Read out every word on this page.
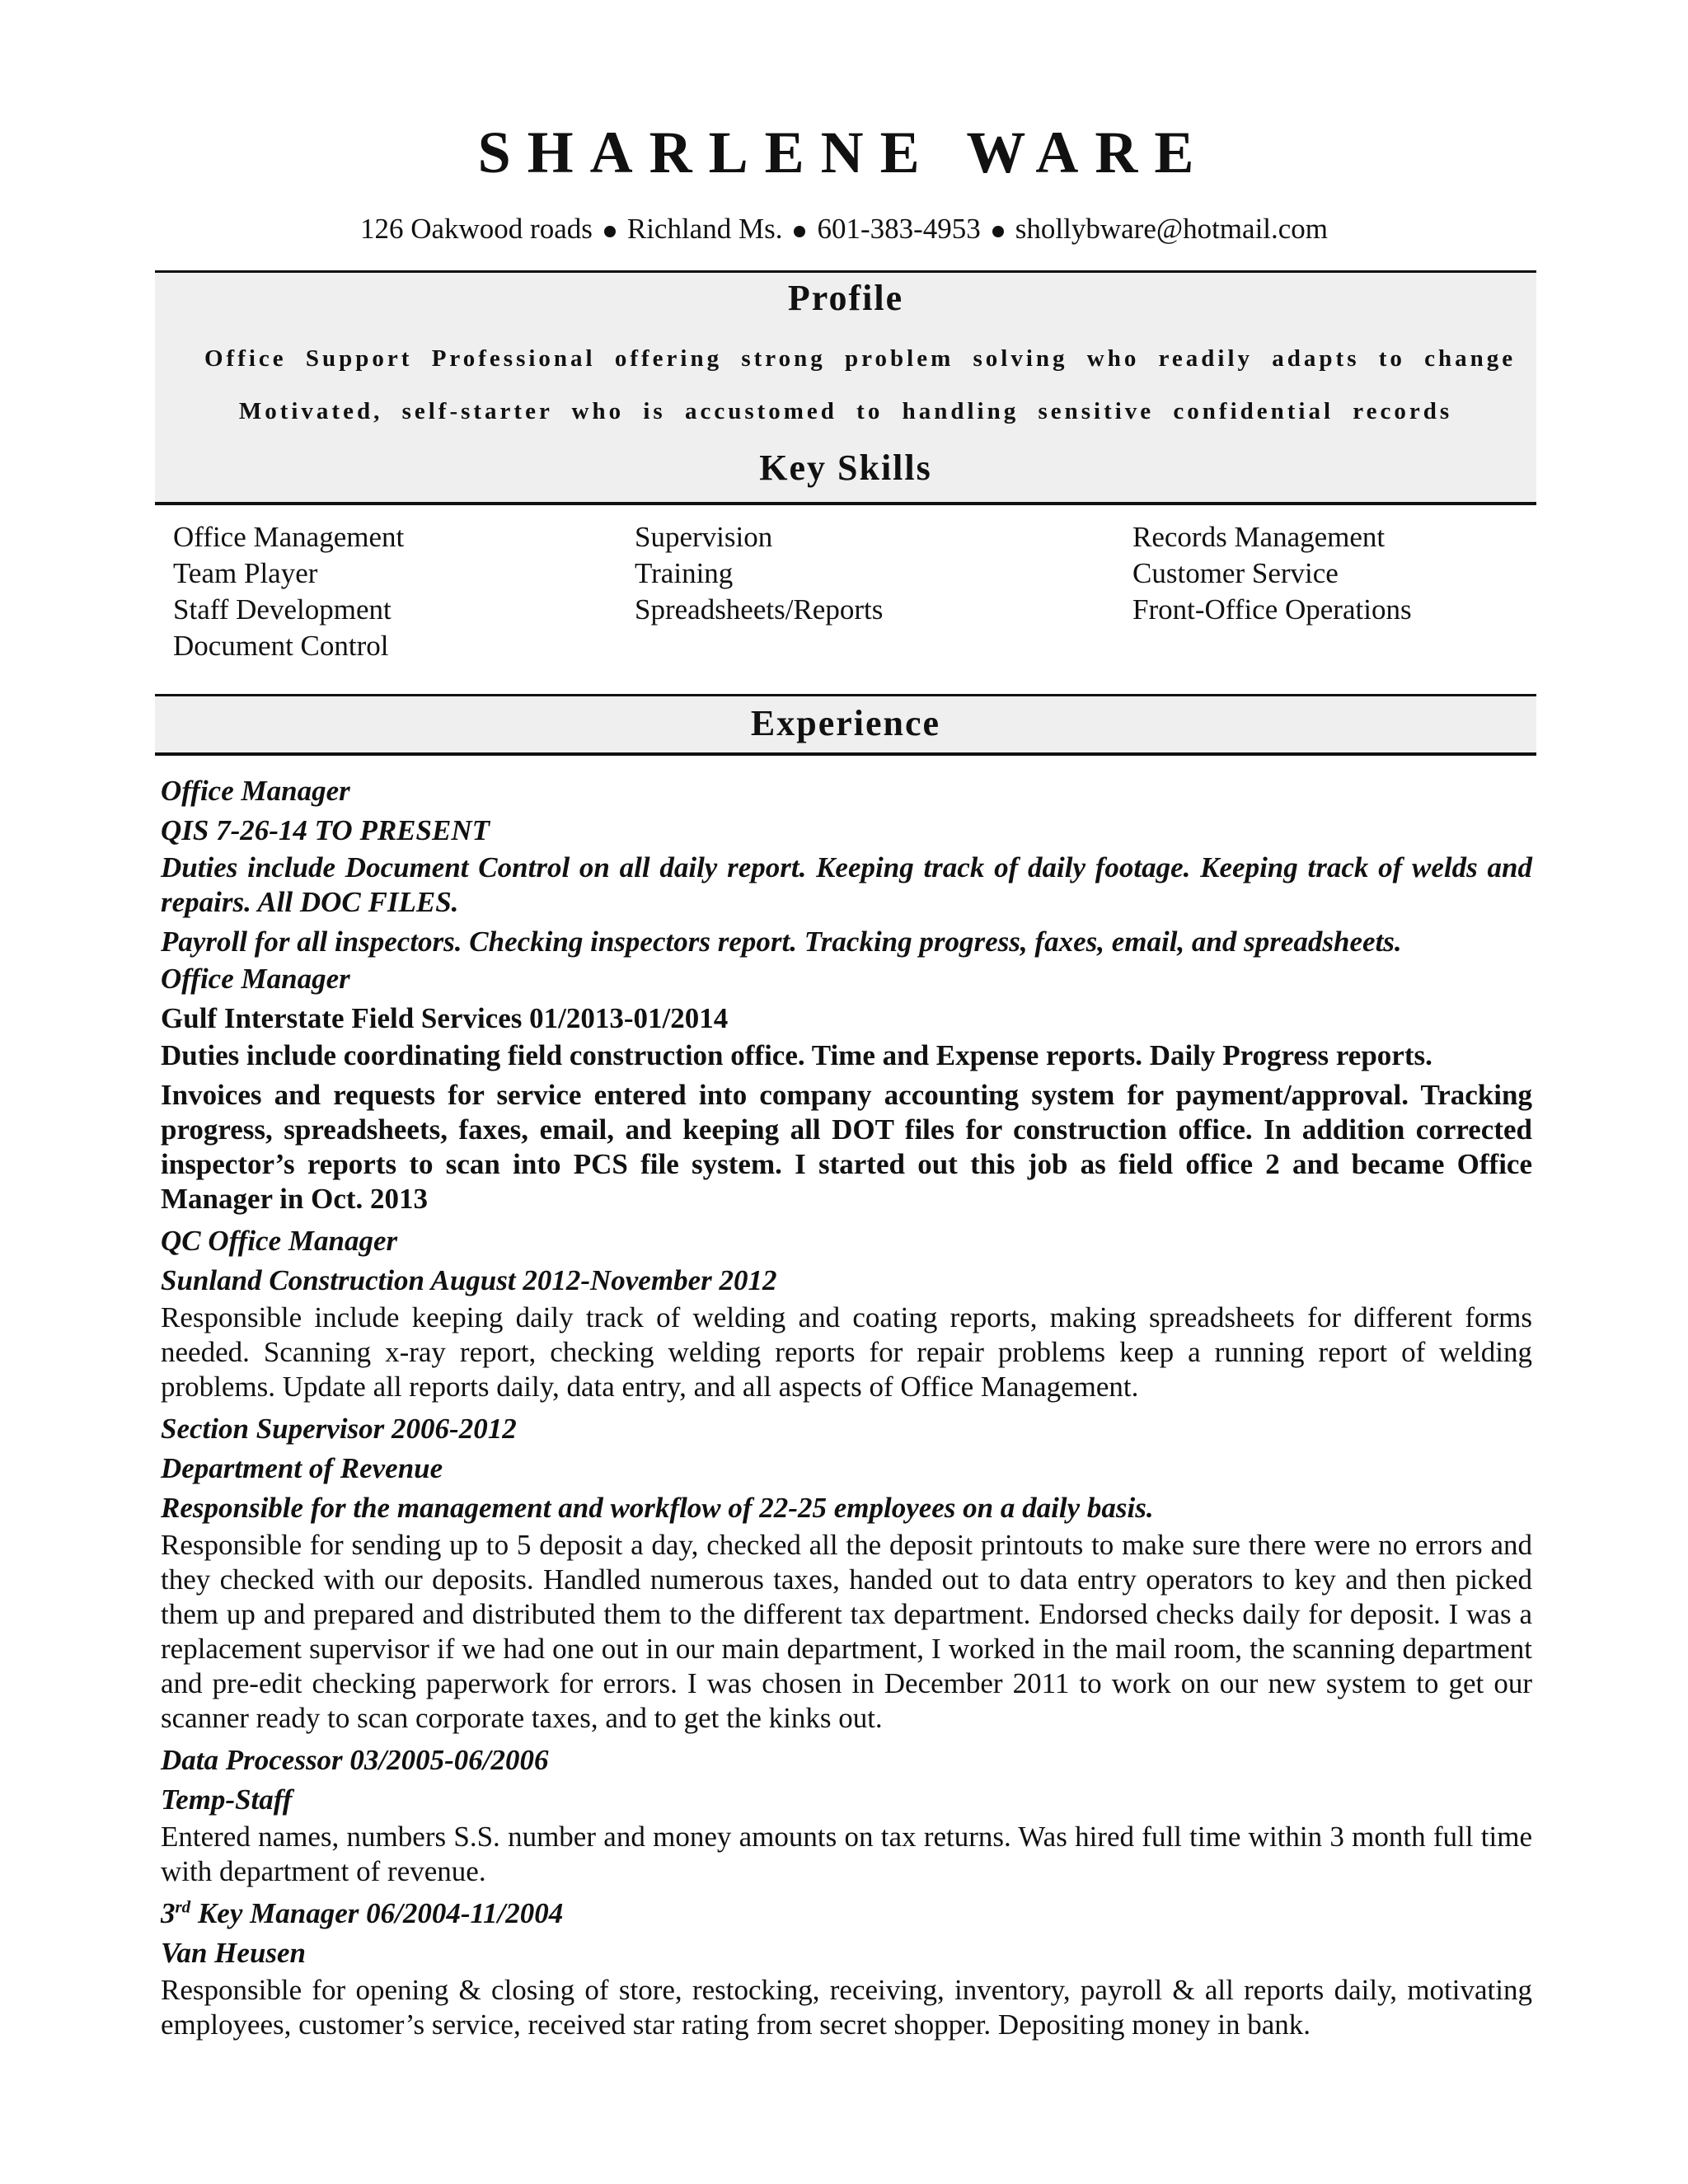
SHARLENE WARE
126 Oakwood roads Richland Ms. 601-383-4953 shollybware@hotmail.com
Profile
Office Support Professional offering strong problem solving who readily adapts to change
Motivated, self-starter who is accustomed to handling sensitive confidential records
Key Skills
Office Management
Team Player
Staff Development
Document Control
Supervision
Training
Spreadsheets/Reports
Records Management
Customer Service
Front-Office Operations
Experience
Office Manager
QIS 7-26-14 TO PRESENT
Duties include Document Control on all daily report. Keeping track of daily footage. Keeping track of welds and repairs. All DOC FILES.
Payroll for all inspectors. Checking inspectors report. Tracking progress, faxes, email, and spreadsheets.
Office Manager
Gulf Interstate Field Services 01/2013-01/2014
Duties include coordinating field construction office. Time and Expense reports. Daily Progress reports.
Invoices and requests for service entered into company accounting system for payment/approval. Tracking progress, spreadsheets, faxes, email, and keeping all DOT files for construction office. In addition corrected inspector’s reports to scan into PCS file system. I started out this job as field office 2 and became Office Manager in Oct. 2013
QC Office Manager
Sunland Construction August 2012-November 2012
Responsible include keeping daily track of welding and coating reports, making spreadsheets for different forms needed. Scanning x-ray report, checking welding reports for repair problems keep a running report of welding problems. Update all reports daily, data entry, and all aspects of Office Management.
Section Supervisor 2006-2012
Department of Revenue
Responsible for the management and workflow of 22-25 employees on a daily basis.
Responsible for sending up to 5 deposit a day, checked all the deposit printouts to make sure there were no errors and they checked with our deposits. Handled numerous taxes, handed out to data entry operators to key and then picked them up and prepared and distributed them to the different tax department. Endorsed checks daily for deposit. I was a replacement supervisor if we had one out in our main department, I worked in the mail room, the scanning department and pre-edit checking paperwork for errors. I was chosen in December 2011 to work on our new system to get our scanner ready to scan corporate taxes, and to get the kinks out.
Data Processor 03/2005-06/2006
Temp-Staff
Entered names, numbers S.S. number and money amounts on tax returns. Was hired full time within 3 month full time with department of revenue.
3rd Key Manager 06/2004-11/2004
Van Heusen
Responsible for opening & closing of store, restocking, receiving, inventory, payroll & all reports daily, motivating employees, customer’s service, received star rating from secret shopper. Depositing money in bank.
